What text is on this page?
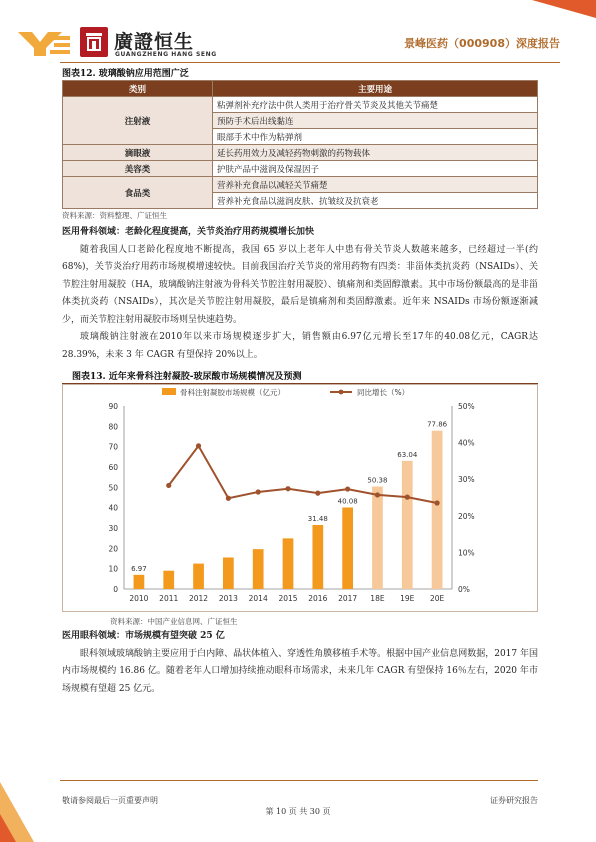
廣證恒生
GUANGZHENG HANG SENG
景峰医药（000908）深度报告
图表12. 玻璃酸钠应用范围广泛
类别	主要用途
注射液	粘弹剂补充疗法中供人类用于治疗骨关节炎及其他关节痛楚
	预防手术后出线黏连
	眼部手术中作为粘弹剂
滴眼液	延长药用效力及减轻药物刺激的药物载体
美容类	护肤产品中滋润及保湿因子
食品类	营养补充食品以减轻关节痛楚
	营养补充食品以滋润皮肤、抗皱纹及抗衰老
资料来源：资料整理、广证恒生
医用骨科领域：老龄化程度提高，关节炎治疗用药规模增长加快
随着我国人口老龄化程度地不断提高，我国 65 岁以上老年人中患有骨关节炎人数越来越多，已经超过一半(约 68%)，关节炎治疗用药市场规模增速较快。目前我国治疗关节炎的常用药物有四类：非甾体类抗炎药（NSAIDs）、关节腔注射用凝胶（HA，玻璃酸钠注射液为骨科关节腔注射用凝胶）、镇痛剂和类固醇激素。其中市场份额最高的是非甾体类抗炎药（NSAIDs），其次是关节腔注射用凝胶，最后是镇痛剂和类固醇激素。近年来 NSAIDs 市场份额逐渐减少，而关节腔注射用凝胶市场则呈快速趋势。
玻璃酸钠注射液在2010年以来市场规模逐步扩大，销售额由6.97亿元增长至17年的40.08亿元，CAGR达 28.39%，未来 3 年 CAGR 有望保持 20%以上。
图表13. 近年来骨科注射凝胶-玻尿酸市场规模情况及预测
0
10
20
30
40
50
60
70
80
90
0%
10%
20%
30%
40%
50%
2010
6.97
2011 2012 2013 2014 2015 2016
31.48
2017
40.08
18E
50.38
19E
63.04
20E
77.86
骨科注射凝胶市场规模（亿元）	同比增长（%）
资料来源：中国产业信息网、广证恒生
医用眼科领域：市场规模有望突破 25 亿
眼科领域玻璃酸钠主要应用于白内障、晶状体植入、穿透性角膜移植手术等。根据中国产业信息网数据，2017 年国内市场规模约 16.86 亿。随着老年人口增加持续推动眼科市场需求，未来几年 CAGR 有望保持 16％左右，2020 年市场规模有望超 25 亿元。
敬请参阅最后一页重要声明	证券研究报告
第 10 页 共 30 页
